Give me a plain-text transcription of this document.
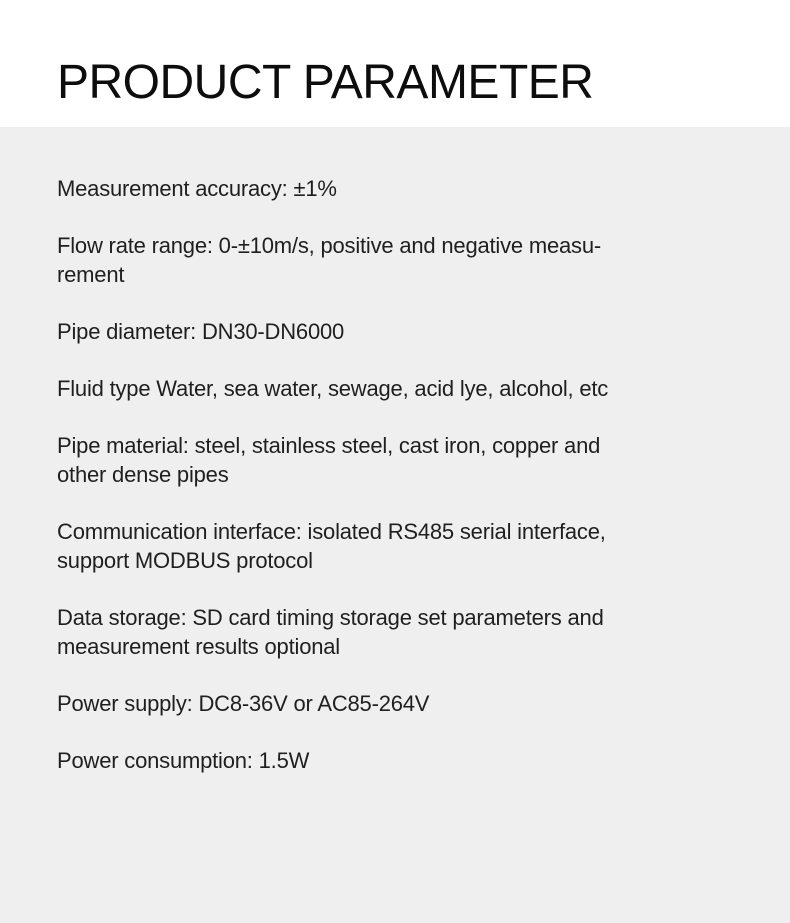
PRODUCT PARAMETER

Measurement accuracy: ±1%

Flow rate range: 0-±10m/s, positive and negative measu-
rement

Pipe diameter: DN30-DN6000

Fluid type Water, sea water, sewage, acid lye, alcohol, etc

Pipe material: steel, stainless steel, cast iron, copper and
other dense pipes

Communication interface: isolated RS485 serial interface,
support MODBUS protocol

Data storage: SD card timing storage set parameters and
measurement results optional

Power supply: DC8-36V or AC85-264V

Power consumption: 1.5W
